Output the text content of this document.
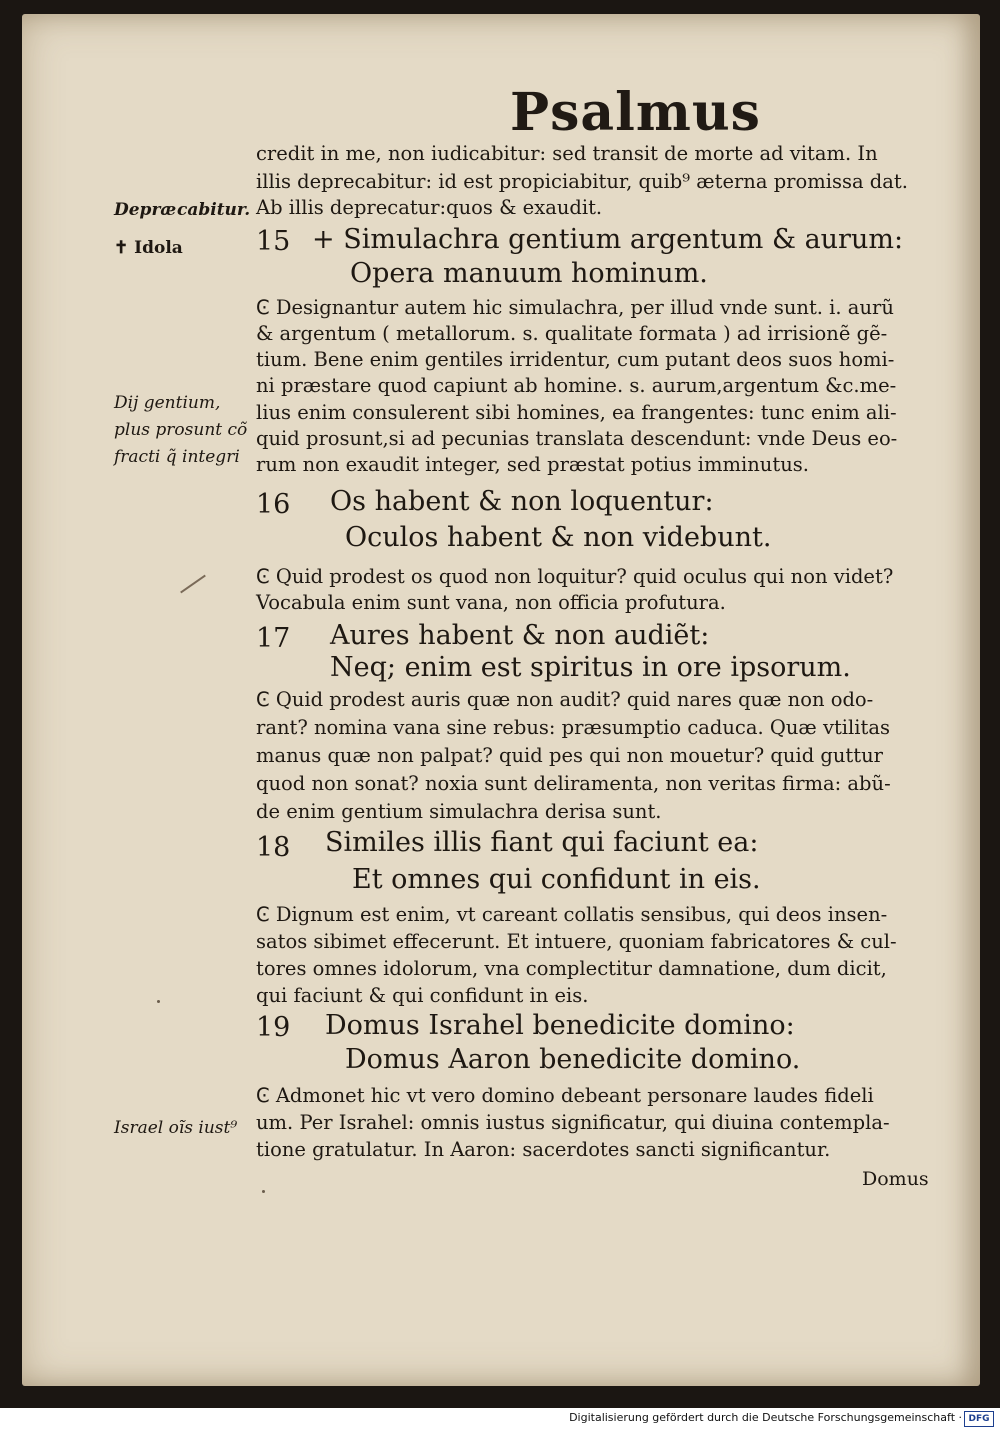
Psalmus
Deprӕcabitur.
✝ Idola
Dij gentium,
plus prosunt cõ
fracti q̃ integri
Israel oĩs iust⁹
credit in me, non iudicabitur: sed transit de morte ad vitam. In
illis deprecabitur: id est propiciabitur, quib⁹ æterna promissa dat.
Ab illis deprecatur:quos & exaudit.
15 + Simulachra gentium argentum & aurum:
Opera manuum hominum.
Ͼ Designantur autem hic simulachra, per illud vnde sunt. i. aurũ
& argentum ( metallorum. s. qualitate formata ) ad irrisionẽ gẽ-
tium. Bene enim gentiles irridentur, cum putant deos suos homi-
ni præstare quod capiunt ab homine. s. aurum,argentum &c.me-
lius enim consulerent sibi homines, ea frangentes: tunc enim ali-
quid prosunt,si ad pecunias translata descendunt: vnde Deus eo-
rum non exaudit integer, sed præstat potius imminutus.
16 Os habent & non loquentur:
Oculos habent & non videbunt.
Ͼ Quid prodest os quod non loquitur? quid oculus qui non videt?
Vocabula enim sunt vana, non officia profutura.
17 Aures habent & non audiẽt:
Neq; enim est spiritus in ore ipsorum.
Ͼ Quid prodest auris quæ non audit? quid nares quæ non odo-
rant? nomina vana sine rebus: præsumptio caduca. Quæ vtilitas
manus quæ non palpat? quid pes qui non mouetur? quid guttur
quod non sonat? noxia sunt deliramenta, non veritas firma: abũ-
de enim gentium simulachra derisa sunt.
18 Similes illis fiant qui faciunt ea:
Et omnes qui confidunt in eis.
Ͼ Dignum est enim, vt careant collatis sensibus, qui deos insen-
satos sibimet effecerunt. Et intuere, quoniam fabricatores & cul-
tores omnes idolorum, vna complectitur damnatione, dum dicit,
qui faciunt & qui confidunt in eis.
19 Domus Israhel benedicite domino:
Domus Aaron benedicite domino.
Ͼ Admonet hic vt vero domino debeant personare laudes fideli
um. Per Israhel: omnis iustus significatur, qui diuina contempla-
tione gratulatur. In Aaron: sacerdotes sancti significantur.
Domus
Digitalisierung gefördert durch die Deutsche Forschungsgemeinschaft · DFG
